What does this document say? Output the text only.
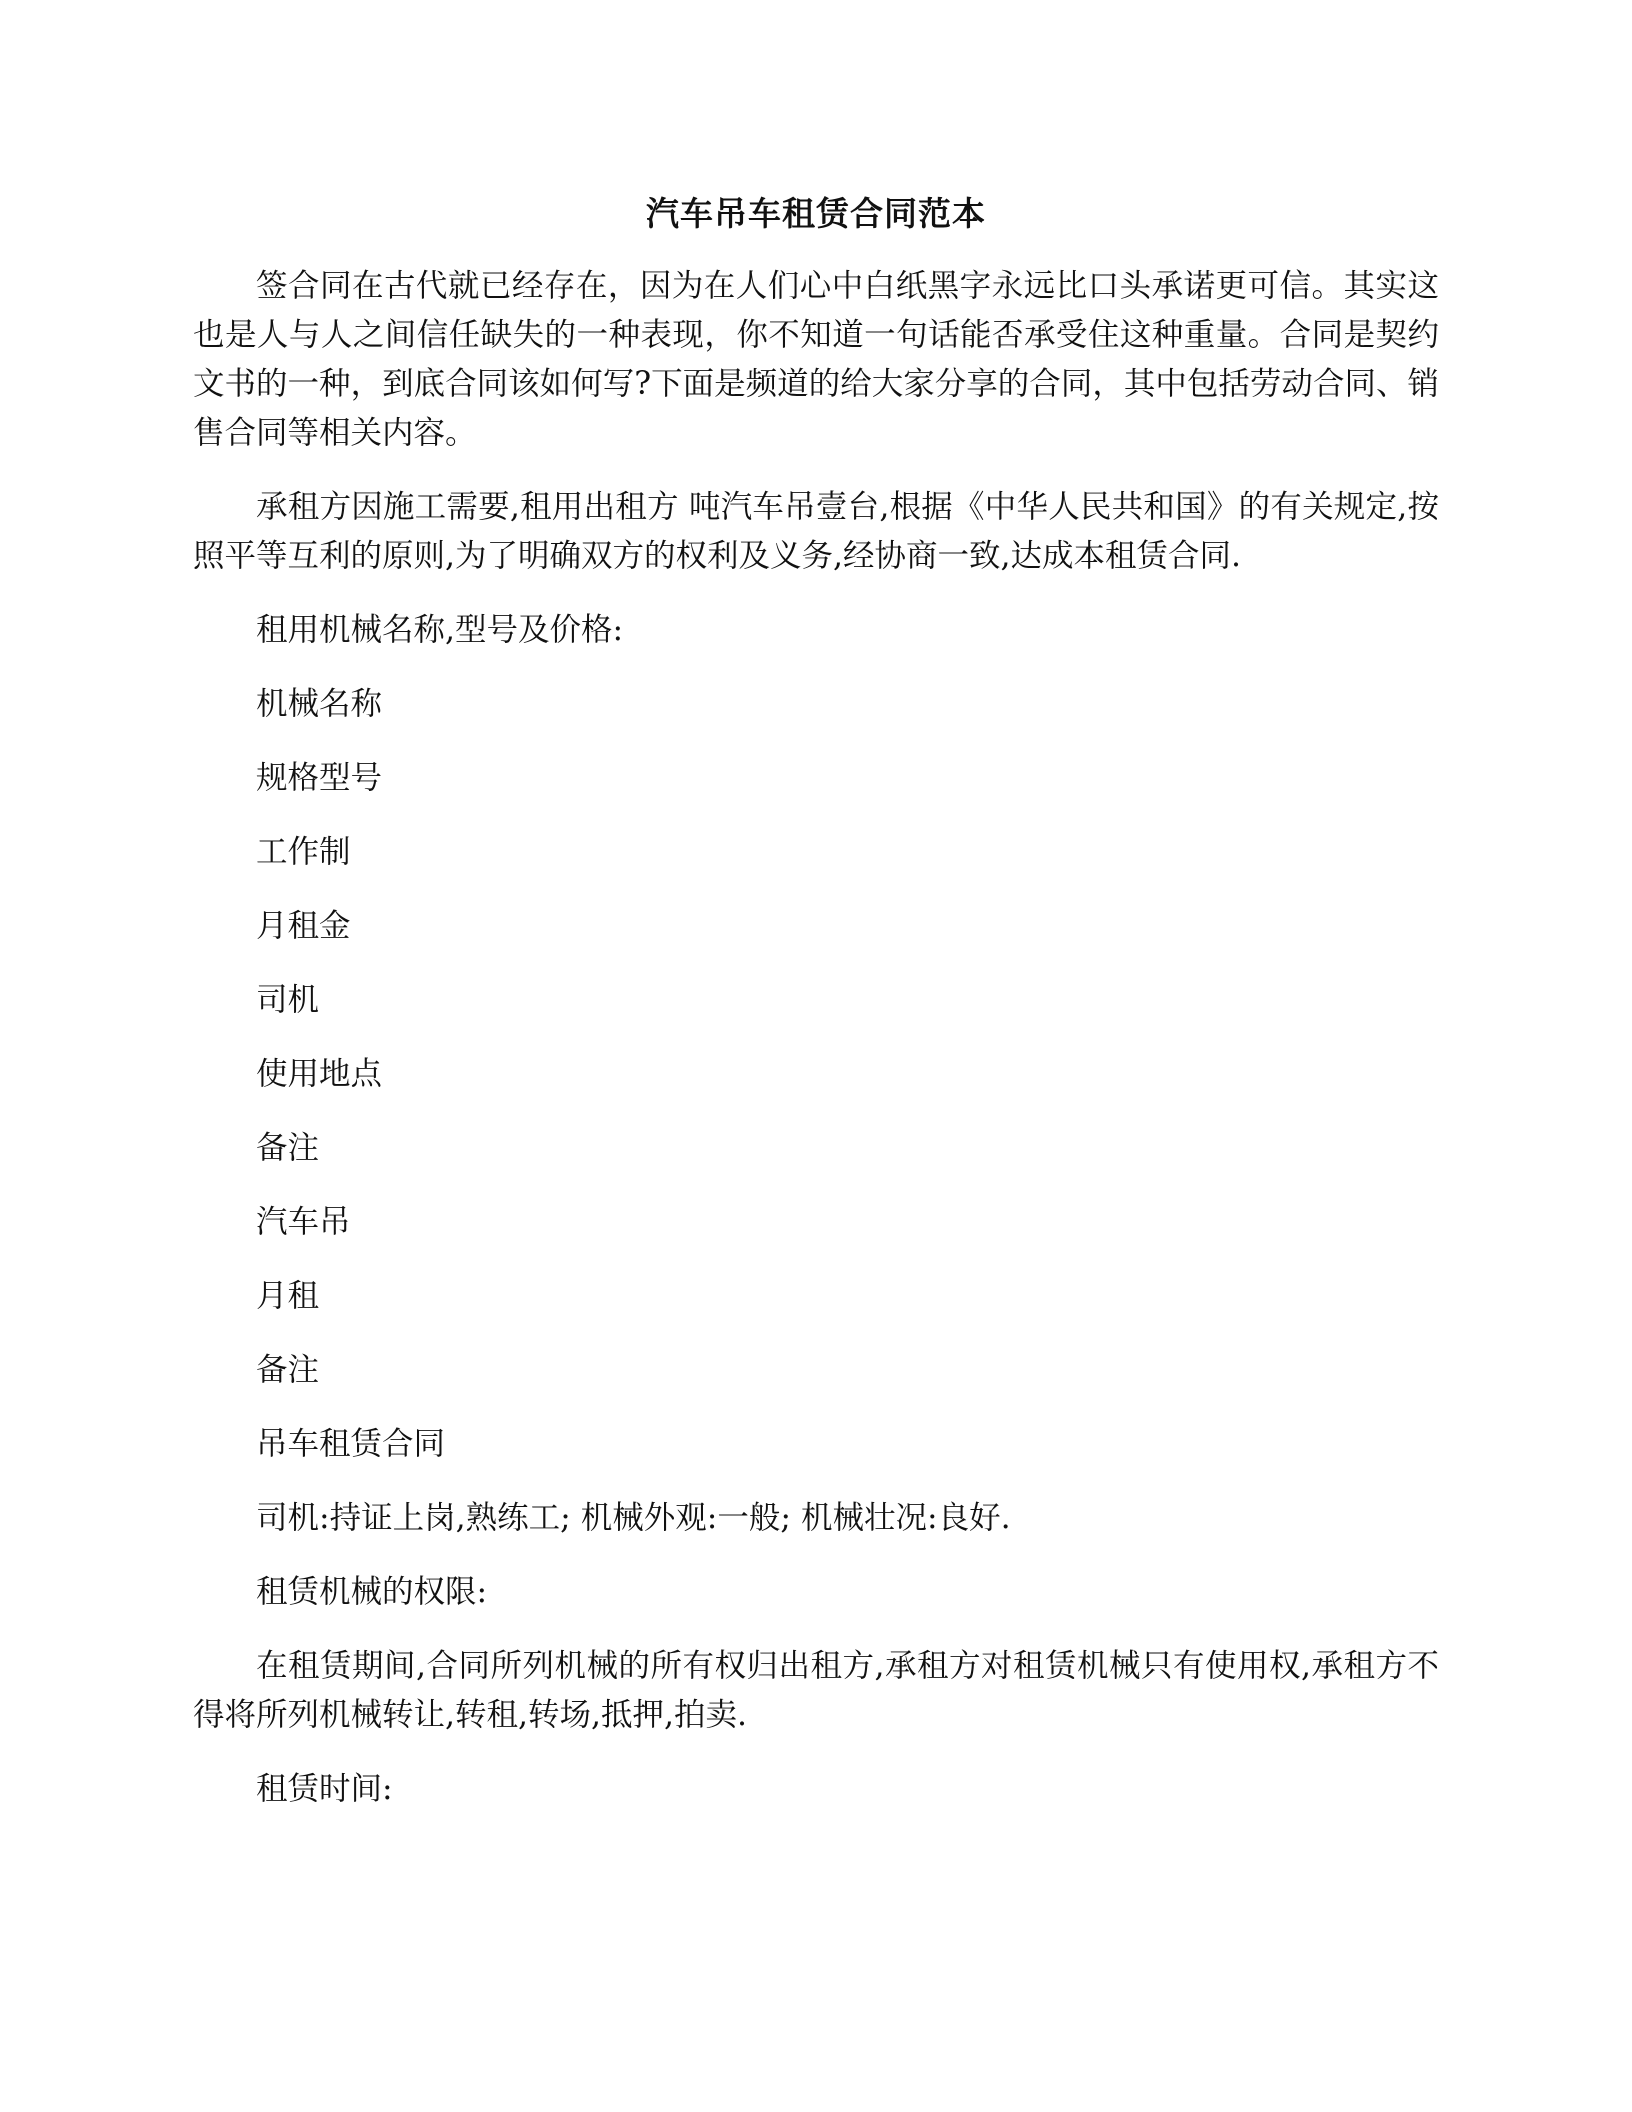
汽车吊车租赁合同范本

签合同在古代就已经存在，因为在人们心中白纸黑字永远比口头承诺更可信。其实这也是人与人之间信任缺失的一种表现，你不知道一句话能否承受住这种重量。合同是契约文书的一种，到底合同该如何写?下面是频道的给大家分享的合同，其中包括劳动合同、销售合同等相关内容。

承租方因施工需要,租用出租方 吨汽车吊壹台,根据《中华人民共和国》的有关规定,按照平等互利的原则,为了明确双方的权利及义务,经协商一致,达成本租赁合同.

租用机械名称,型号及价格:

机械名称

规格型号

工作制

月租金

司机

使用地点

备注

汽车吊

月租

备注

吊车租赁合同

司机:持证上岗,熟练工; 机械外观:一般; 机械壮况:良好.

租赁机械的权限:

在租赁期间,合同所列机械的所有权归出租方,承租方对租赁机械只有使用权,承租方不得将所列机械转让,转租,转场,抵押,拍卖.

租赁时间:
